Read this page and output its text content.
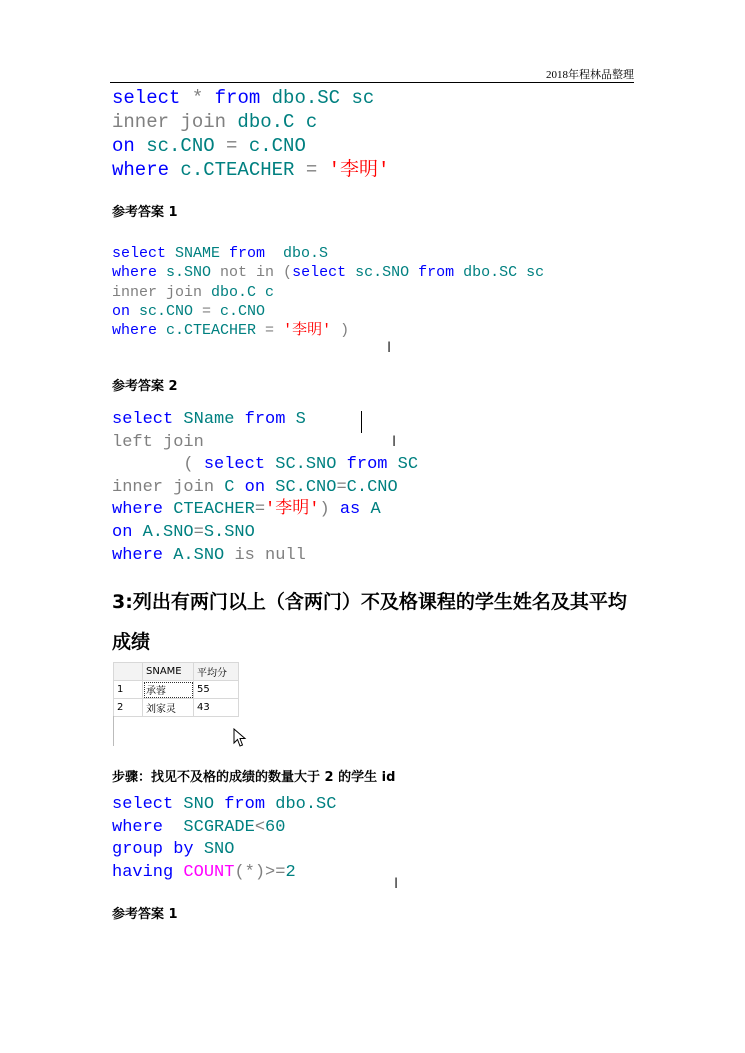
2018年程林品整理
select * from dbo.SC sc
inner join dbo.C c
on sc.CNO = c.CNO
where c.CTEACHER = '李明'
参考答案 1
select SNAME from  dbo.S
where s.SNO not in (select sc.SNO from dbo.SC sc
inner join dbo.C c
on sc.CNO = c.CNO
where c.CTEACHER = '李明' )
I
参考答案 2
select SName from S
left join
( select SC.SNO from SC
inner join C on SC.CNO=C.CNO
where CTEACHER='李明') as A
on A.SNO=S.SNO
where A.SNO is null
I
3:列出有两门以上（含两门）不及格课程的学生姓名及其平均成绩
	SNAME	平均分
1	承蓉	55
2	刘家灵	43
步骤：找见不及格的成绩的数量大于 2 的学生 id
select SNO from dbo.SC
where  SCGRADE<60
group by SNO
having COUNT(*)>=2
I
参考答案 1
